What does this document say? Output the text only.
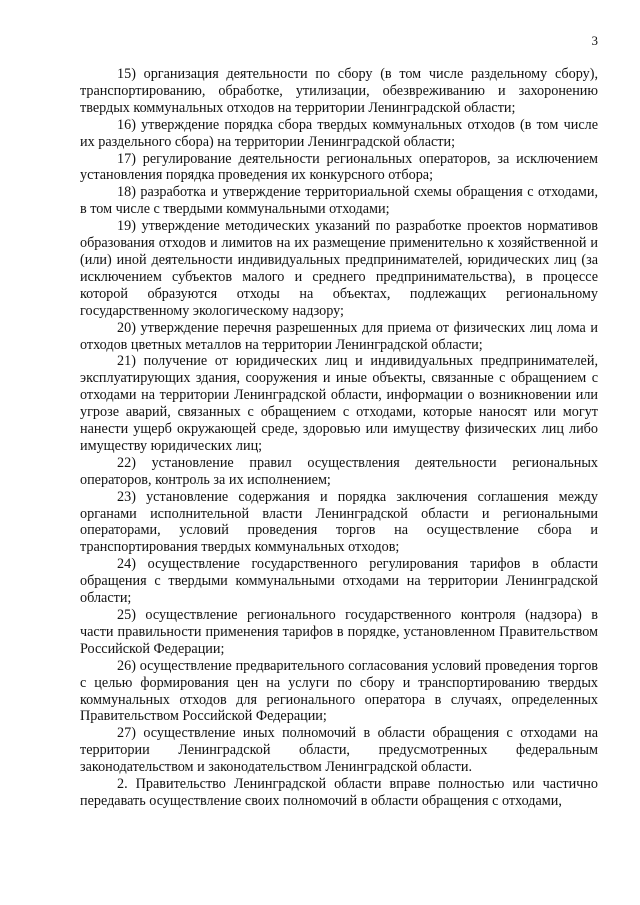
3

15) организация деятельности по сбору (в том числе раздельному сбору), транспортированию, обработке, утилизации, обезвреживанию и захоронению твердых коммунальных отходов на территории Ленинградской области;

16) утверждение порядка сбора твердых коммунальных отходов (в том числе их раздельного сбора) на территории Ленинградской области;

17) регулирование деятельности региональных операторов, за исключением установления порядка проведения их конкурсного отбора;

18) разработка и утверждение территориальной схемы обращения с отходами, в том числе с твердыми коммунальными отходами;

19) утверждение методических указаний по разработке проектов нормативов образования отходов и лимитов на их размещение применительно к хозяйственной и (или) иной деятельности индивидуальных предпринимателей, юридических лиц (за исключением субъектов малого и среднего предпринимательства), в процессе которой образуются отходы на объектах, подлежащих региональному государственному экологическому надзору;

20) утверждение перечня разрешенных для приема от физических лиц лома и отходов цветных металлов на территории Ленинградской области;

21) получение от юридических лиц и индивидуальных предпринимателей, эксплуатирующих здания, сооружения и иные объекты, связанные с обращением с отходами на территории Ленинградской области, информации о возникновении или угрозе аварий, связанных с обращением с отходами, которые наносят или могут нанести ущерб окружающей среде, здоровью или имуществу физических лиц либо имуществу юридических лиц;

22) установление правил осуществления деятельности региональных операторов, контроль за их исполнением;

23) установление содержания и порядка заключения соглашения между органами исполнительной власти Ленинградской области и региональными операторами, условий проведения торгов на осуществление сбора и транспортирования твердых коммунальных отходов;

24) осуществление государственного регулирования тарифов в области обращения с твердыми коммунальными отходами на территории Ленинградской области;

25) осуществление регионального государственного контроля (надзора) в части правильности применения тарифов в порядке, установленном Правительством Российской Федерации;

26) осуществление предварительного согласования условий проведения торгов с целью формирования цен на услуги по сбору и транспортированию твердых коммунальных отходов для регионального оператора в случаях, определенных Правительством Российской Федерации;

27) осуществление иных полномочий в области обращения с отходами на территории Ленинградской области, предусмотренных федеральным законодательством и законодательством Ленинградской области.

2. Правительство Ленинградской области вправе полностью или частично передавать осуществление своих полномочий в области обращения с отходами,
